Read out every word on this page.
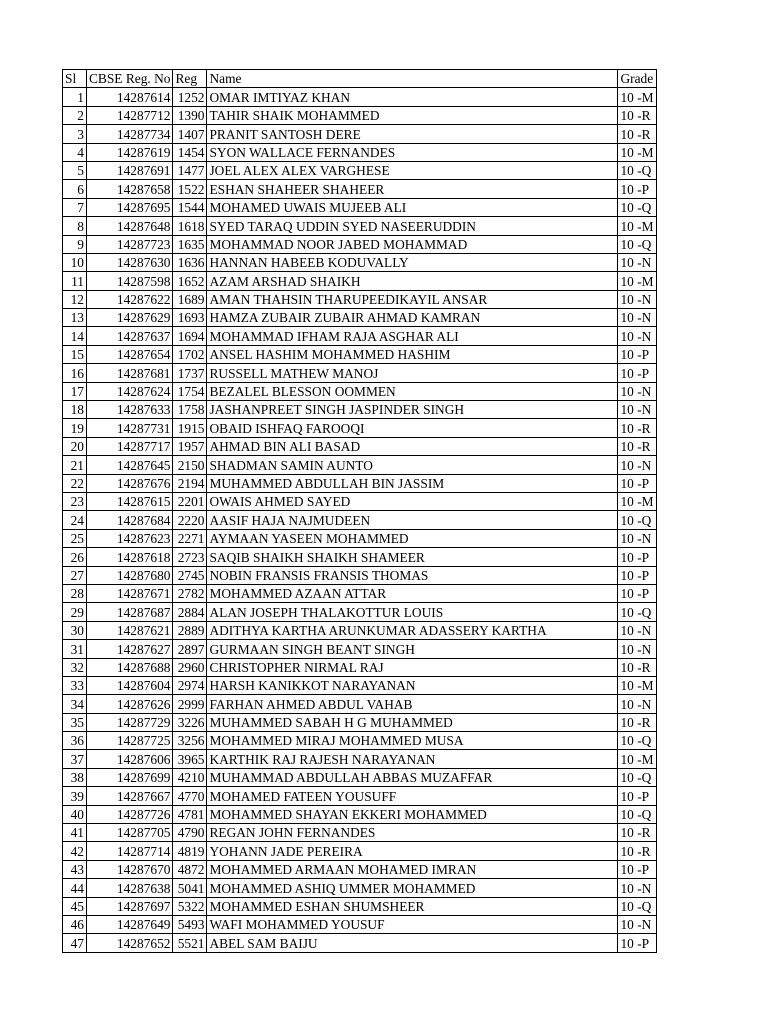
Sl	CBSE Reg. No	Reg	Name	Grade
1	14287614	1252	OMAR IMTIYAZ KHAN	10 -M
2	14287712	1390	TAHIR SHAIK MOHAMMED	10 -R
3	14287734	1407	PRANIT SANTOSH DERE	10 -R
4	14287619	1454	SYON WALLACE FERNANDES	10 -M
5	14287691	1477	JOEL ALEX ALEX VARGHESE	10 -Q
6	14287658	1522	ESHAN SHAHEER SHAHEER	10 -P
7	14287695	1544	MOHAMED UWAIS MUJEEB ALI	10 -Q
8	14287648	1618	SYED TARAQ UDDIN SYED NASEERUDDIN	10 -M
9	14287723	1635	MOHAMMAD NOOR JABED MOHAMMAD	10 -Q
10	14287630	1636	HANNAN HABEEB KODUVALLY	10 -N
11	14287598	1652	AZAM ARSHAD SHAIKH	10 -M
12	14287622	1689	AMAN THAHSIN THARUPEEDIKAYIL ANSAR	10 -N
13	14287629	1693	HAMZA ZUBAIR ZUBAIR AHMAD KAMRAN	10 -N
14	14287637	1694	MOHAMMAD IFHAM RAJA ASGHAR ALI	10 -N
15	14287654	1702	ANSEL HASHIM MOHAMMED HASHIM	10 -P
16	14287681	1737	RUSSELL MATHEW MANOJ	10 -P
17	14287624	1754	BEZALEL BLESSON OOMMEN	10 -N
18	14287633	1758	JASHANPREET SINGH JASPINDER SINGH	10 -N
19	14287731	1915	OBAID ISHFAQ FAROOQI	10 -R
20	14287717	1957	AHMAD BIN ALI BASAD	10 -R
21	14287645	2150	SHADMAN SAMIN AUNTO	10 -N
22	14287676	2194	MUHAMMED ABDULLAH BIN JASSIM	10 -P
23	14287615	2201	OWAIS AHMED SAYED	10 -M
24	14287684	2220	AASIF HAJA NAJMUDEEN	10 -Q
25	14287623	2271	AYMAAN YASEEN MOHAMMED	10 -N
26	14287618	2723	SAQIB SHAIKH SHAIKH SHAMEER	10 -P
27	14287680	2745	NOBIN FRANSIS FRANSIS THOMAS	10 -P
28	14287671	2782	MOHAMMED AZAAN ATTAR	10 -P
29	14287687	2884	ALAN JOSEPH THALAKOTTUR LOUIS	10 -Q
30	14287621	2889	ADITHYA KARTHA ARUNKUMAR ADASSERY KARTHA	10 -N
31	14287627	2897	GURMAAN SINGH BEANT SINGH	10 -N
32	14287688	2960	CHRISTOPHER NIRMAL RAJ	10 -R
33	14287604	2974	HARSH KANIKKOT NARAYANAN	10 -M
34	14287626	2999	FARHAN AHMED ABDUL VAHAB	10 -N
35	14287729	3226	MUHAMMED SABAH H G MUHAMMED	10 -R
36	14287725	3256	MOHAMMED MIRAJ MOHAMMED MUSA	10 -Q
37	14287606	3965	KARTHIK RAJ RAJESH NARAYANAN	10 -M
38	14287699	4210	MUHAMMAD ABDULLAH ABBAS MUZAFFAR	10 -Q
39	14287667	4770	MOHAMED FATEEN YOUSUFF	10 -P
40	14287726	4781	MOHAMMED SHAYAN EKKERI MOHAMMED	10 -Q
41	14287705	4790	REGAN JOHN FERNANDES	10 -R
42	14287714	4819	YOHANN JADE PEREIRA	10 -R
43	14287670	4872	MOHAMMED ARMAAN MOHAMED IMRAN	10 -P
44	14287638	5041	MOHAMMED ASHIQ UMMER MOHAMMED	10 -N
45	14287697	5322	MOHAMMED ESHAN SHUMSHEER	10 -Q
46	14287649	5493	WAFI MOHAMMED YOUSUF	10 -N
47	14287652	5521	ABEL SAM BAIJU	10 -P
